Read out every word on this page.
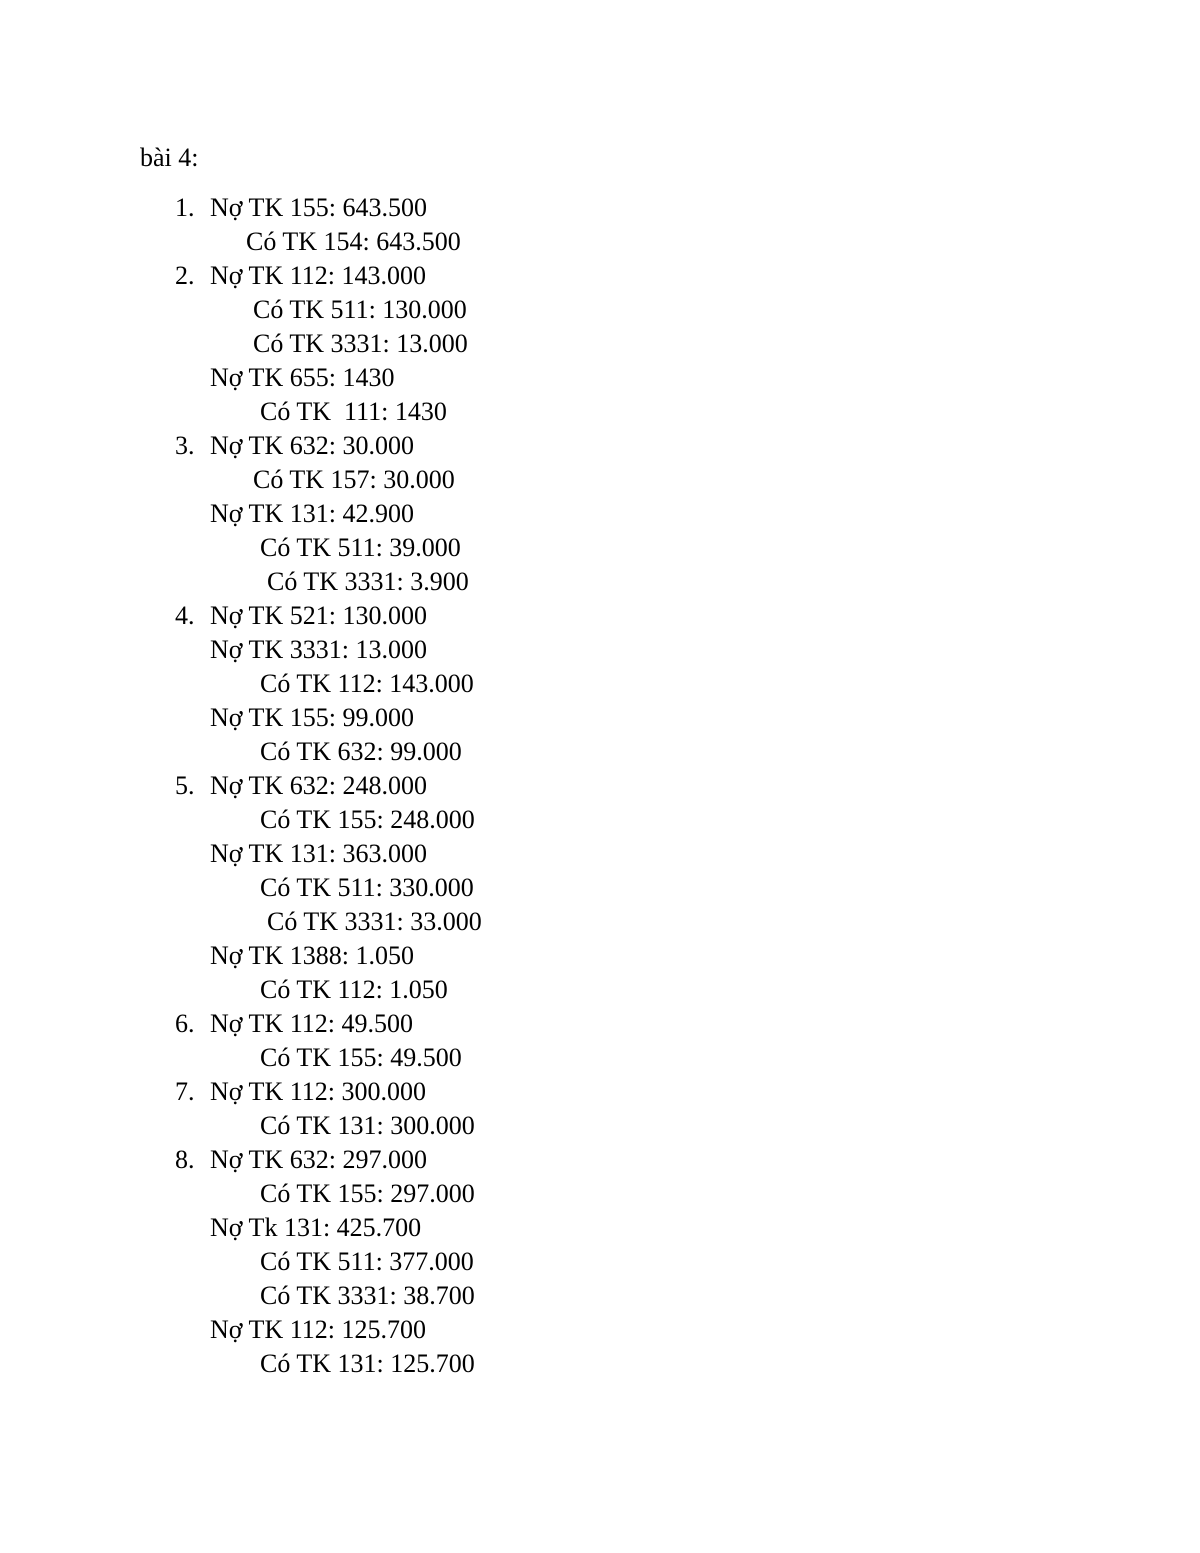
bài 4:
1. Nợ TK 155: 643.500
Có TK 154: 643.500
2. Nợ TK 112: 143.000
Có TK 511: 130.000
Có TK 3331: 13.000
Nợ TK 655: 1430
Có TK  111: 1430
3. Nợ TK 632: 30.000
Có TK 157: 30.000
Nợ TK 131: 42.900
Có TK 511: 39.000
Có TK 3331: 3.900
4. Nợ TK 521: 130.000
Nợ TK 3331: 13.000
Có TK 112: 143.000
Nợ TK 155: 99.000
Có TK 632: 99.000
5. Nợ TK 632: 248.000
Có TK 155: 248.000
Nợ TK 131: 363.000
Có TK 511: 330.000
Có TK 3331: 33.000
Nợ TK 1388: 1.050
Có TK 112: 1.050
6. Nợ TK 112: 49.500
Có TK 155: 49.500
7. Nợ TK 112: 300.000
Có TK 131: 300.000
8. Nợ TK 632: 297.000
Có TK 155: 297.000
Nợ Tk 131: 425.700
Có TK 511: 377.000
Có TK 3331: 38.700
Nợ TK 112: 125.700
Có TK 131: 125.700
